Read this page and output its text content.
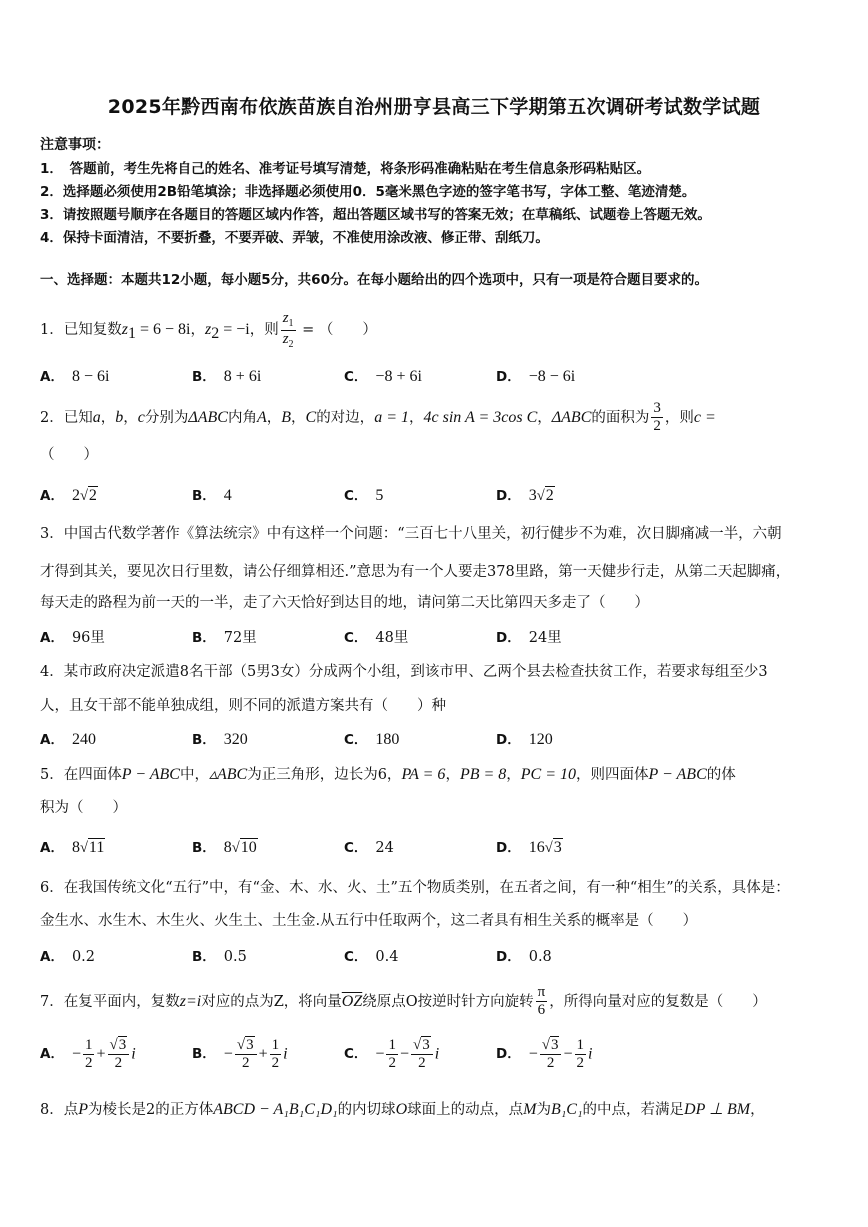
2025年黔西南布依族苗族自治州册亨县高三下学期第五次调研考试数学试题
注意事项：
1．　答题前，考生先将自己的姓名、准考证号填写清楚，将条形码准确粘贴在考生信息条形码粘贴区。
2．选择题必须使用2B铅笔填涂；非选择题必须使用0．5毫米黑色字迹的签字笔书写，字体工整、笔迹清楚。
3．请按照题号顺序在各题目的答题区域内作答，超出答题区域书写的答案无效；在草稿纸、试题卷上答题无效。
4．保持卡面清洁，不要折叠，不要弄破、弄皱，不准使用涂改液、修正带、刮纸刀。
一、选择题：本题共12小题，每小题5分，共60分。在每小题给出的四个选项中，只有一项是符合题目要求的。
1．已知复数$z_1 = 6 - 8i$，$z_2 = -i$，则 $\frac{z_1}{z_2}$ = （　　）
A． 8 − 6i	B． 8 + 6i	C． −8 + 6i	D． −8 − 6i
2．已知a，b，c分别为ΔABC内角A，B，C的对边，a = 1，4c sin A = 3cos C，ΔABC的面积为 $\frac{3}{2}$ ，则c =
（　　）
A． 2√2	B． 4	C． 5	D． 3√2
3．中国古代数学著作《算法统宗》中有这样一个问题：“三百七十八里关，初行健步不为难，次日脚痛减一半，六朝
才得到其关，要见次日行里数，请公仔细算相还.”意思为有一个人要走378里路，第一天健步行走，从第二天起脚痛，
每天走的路程为前一天的一半，走了六天恰好到达目的地，请问第二天比第四天多走了（　　）
A． 96里	B． 72里	C． 48里	D． 24里
4．某市政府决定派遣8名干部（5男3女）分成两个小组，到该市甲、乙两个县去检查扶贫工作，若要求每组至少3
人，且女干部不能单独成组，则不同的派遣方案共有（　　）种
A． 240	B． 320	C． 180	D． 120
5．在四面体P − ABC中，▵ABC为正三角形，边长为6，PA = 6，PB = 8，PC = 10，则四面体P − ABC的体
积为（　　）
A． 8√11	B． 8√10	C． 24	D． 16√3
6．在我国传统文化“五行”中，有“金、木、水、火、土”五个物质类别，在五者之间，有一种“相生”的关系，具体是：
金生水、水生木、木生火、火生土、土生金.从五行中任取两个，这二者具有相生关系的概率是（　　）
A． 0.2	B． 0.5	C． 0.4	D． 0.8
7．在复平面内，复数z=i对应的点为Z，将向量$\overline{OZ}$绕原点O按逆时针方向旋转 $\frac{\pi}{6}$ ，所得向量对应的复数是（　　）
A． − $\frac{1}{2} + \frac{√3}{2}$ i	B． − $\frac{√3}{2} + \frac{1}{2}$ i	C． − $\frac{1}{2} - \frac{√3}{2}$ i	D． − $\frac{√3}{2} - \frac{1}{2}$ i
8．点P为棱长是2的正方体ABCD − A₁B₁C₁D₁的内切球O球面上的动点，点M为B₁C₁的中点，若满足DP ⊥ BM，
